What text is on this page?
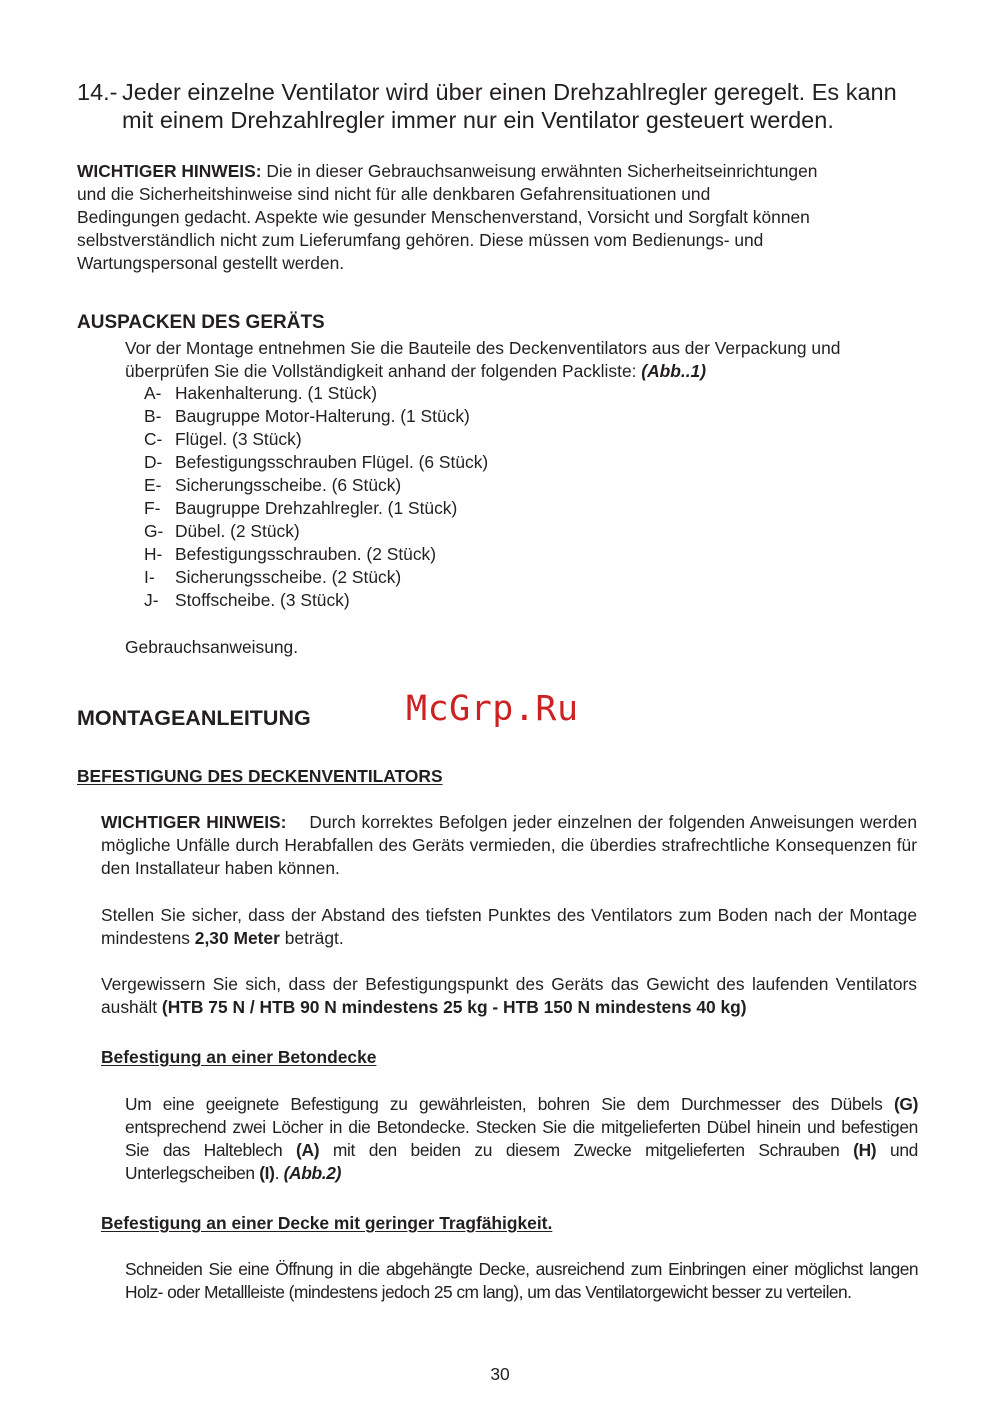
14.- Jeder einzelne Ventilator wird über einen Drehzahlregler geregelt. Es kann
mit einem Drehzahlregler immer nur ein Ventilator gesteuert werden.
WICHTIGER HINWEIS: Die in dieser Gebrauchsanweisung erwähnten Sicherheitseinrichtungen
und die Sicherheitshinweise sind nicht für alle denkbaren Gefahrensituationen und
Bedingungen gedacht. Aspekte wie gesunder Menschenverstand, Vorsicht und Sorgfalt können
selbstverständlich nicht zum Lieferumfang gehören. Diese müssen vom Bedienungs- und
Wartungspersonal gestellt werden.
AUSPACKEN DES GERÄTS
Vor der Montage entnehmen Sie die Bauteile des Deckenventilators aus der Verpackung und
überprüfen Sie die Vollständigkeit anhand der folgenden Packliste: (Abb..1)
A- Hakenhalterung. (1 Stück)
B- Baugruppe Motor-Halterung. (1 Stück)
C- Flügel. (3 Stück)
D- Befestigungsschrauben Flügel. (6 Stück)
E- Sicherungsscheibe. (6 Stück)
F- Baugruppe Drehzahlregler. (1 Stück)
G- Dübel. (2 Stück)
H- Befestigungsschrauben. (2 Stück)
I- Sicherungsscheibe. (2 Stück)
J- Stoffscheibe. (3 Stück)
Gebrauchsanweisung.
MONTAGEANLEITUNG	McGrp.Ru
BEFESTIGUNG DES DECKENVENTILATORS
WICHTIGER HINWEIS: Durch korrektes Befolgen jeder einzelnen der folgenden Anweisungen werden mögliche Unfälle durch Herabfallen des Geräts vermieden, die überdies strafrechtliche Konsequenzen für den Installateur haben können.
Stellen Sie sicher, dass der Abstand des tiefsten Punktes des Ventilators zum Boden nach der Montage mindestens 2,30 Meter beträgt.
Vergewissern Sie sich, dass der Befestigungspunkt des Geräts das Gewicht des laufenden Ventilators aushält (HTB 75 N / HTB 90 N mindestens 25 kg - HTB 150 N mindestens 40 kg)
Befestigung an einer Betondecke
Um eine geeignete Befestigung zu gewährleisten, bohren Sie dem Durchmesser des Dübels (G) entsprechend zwei Löcher in die Betondecke. Stecken Sie die mitgelieferten Dübel hinein und befestigen Sie das Halteblech (A) mit den beiden zu diesem Zwecke mitgelieferten Schrauben (H) und Unterlegscheiben (I). (Abb.2)
Befestigung an einer Decke mit geringer Tragfähigkeit.
Schneiden Sie eine Öffnung in die abgehängte Decke, ausreichend zum Einbringen einer möglichst langen Holz- oder Metallleiste (mindestens jedoch 25 cm lang), um das Ventilatorgewicht besser zu verteilen.
30
